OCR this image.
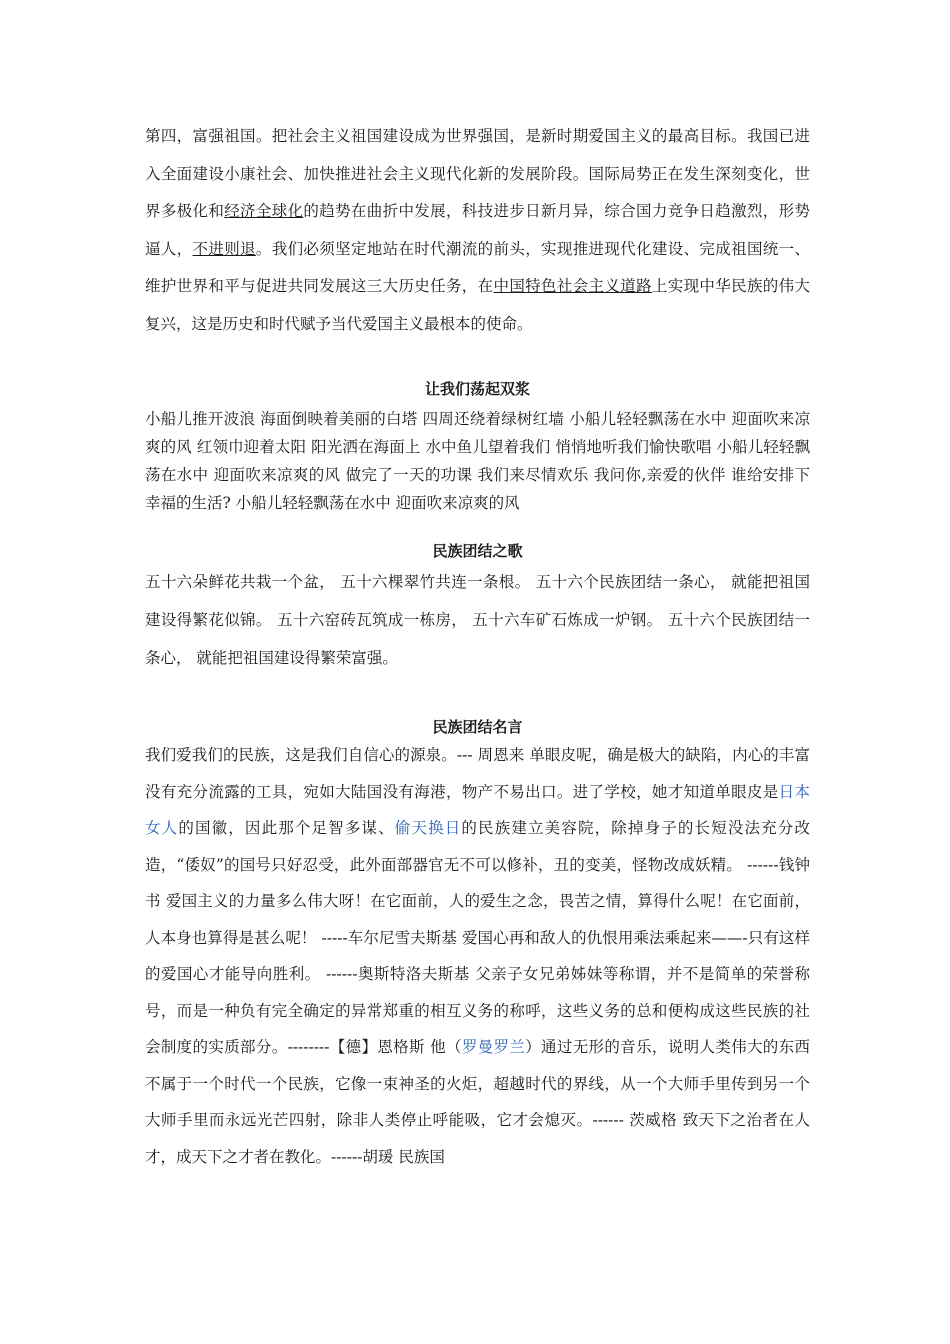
第四，富强祖国。把社会主义祖国建设成为世界强国，是新时期爱国主义的最高目标。我国已进入全面建设小康社会、加快推进社会主义现代化新的发展阶段。国际局势正在发生深刻变化，世界多极化和经济全球化的趋势在曲折中发展，科技进步日新月异，综合国力竞争日趋激烈，形势逼人，不进则退。我们必须坚定地站在时代潮流的前头，实现推进现代化建设、完成祖国统一、维护世界和平与促进共同发展这三大历史任务，在中国特色社会主义道路上实现中华民族的伟大复兴，这是历史和时代赋予当代爱国主义最根本的使命。

让我们荡起双浆

小船儿推开波浪 海面倒映着美丽的白塔 四周还绕着绿树红墙 小船儿轻轻飘荡在水中 迎面吹来凉爽的风 红领巾迎着太阳 阳光洒在海面上 水中鱼儿望着我们 悄悄地听我们愉快歌唱 小船儿轻轻飘荡在水中 迎面吹来凉爽的风 做完了一天的功课 我们来尽情欢乐 我问你,亲爱的伙伴 谁给安排下幸福的生活? 小船儿轻轻飘荡在水中 迎面吹来凉爽的风

民族团结之歌

五十六朵鲜花共栽一个盆， 五十六棵翠竹共连一条根。 五十六个民族团结一条心， 就能把祖国建设得繁花似锦。 五十六窑砖瓦筑成一栋房， 五十六车矿石炼成一炉钢。 五十六个民族团结一条心， 就能把祖国建设得繁荣富强。

民族团结名言

我们爱我们的民族，这是我们自信心的源泉。--- 周恩来 单眼皮呢，确是极大的缺陷，内心的丰富没有充分流露的工具，宛如大陆国没有海港，物产不易出口。进了学校，她才知道单眼皮是日本女人的国徽，因此那个足智多谋、偷天换日的民族建立美容院，除掉身子的长短没法充分改造，“倭奴”的国号只好忍受，此外面部器官无不可以修补，丑的变美，怪物改成妖精。 ------钱钟书 爱国主义的力量多么伟大呀！在它面前，人的爱生之念，畏苦之情，算得什么呢！在它面前，人本身也算得是甚么呢！ -----车尔尼雪夫斯基 爱国心再和敌人的仇恨用乘法乘起来——-只有这样的爱国心才能导向胜利。 ------奥斯特洛夫斯基 父亲子女兄弟姊妹等称谓，并不是简单的荣誉称号，而是一种负有完全确定的异常郑重的相互义务的称呼，这些义务的总和便构成这些民族的社会制度的实质部分。--------【德】恩格斯 他（罗曼罗兰）通过无形的音乐，说明人类伟大的东西不属于一个时代一个民族，它像一束神圣的火炬，超越时代的界线，从一个大师手里传到另一个大师手里而永远光芒四射，除非人类停止呼能吸，它才会熄灭。------ 茨威格 致天下之治者在人才，成天下之才者在教化。------胡瑗 民族国
